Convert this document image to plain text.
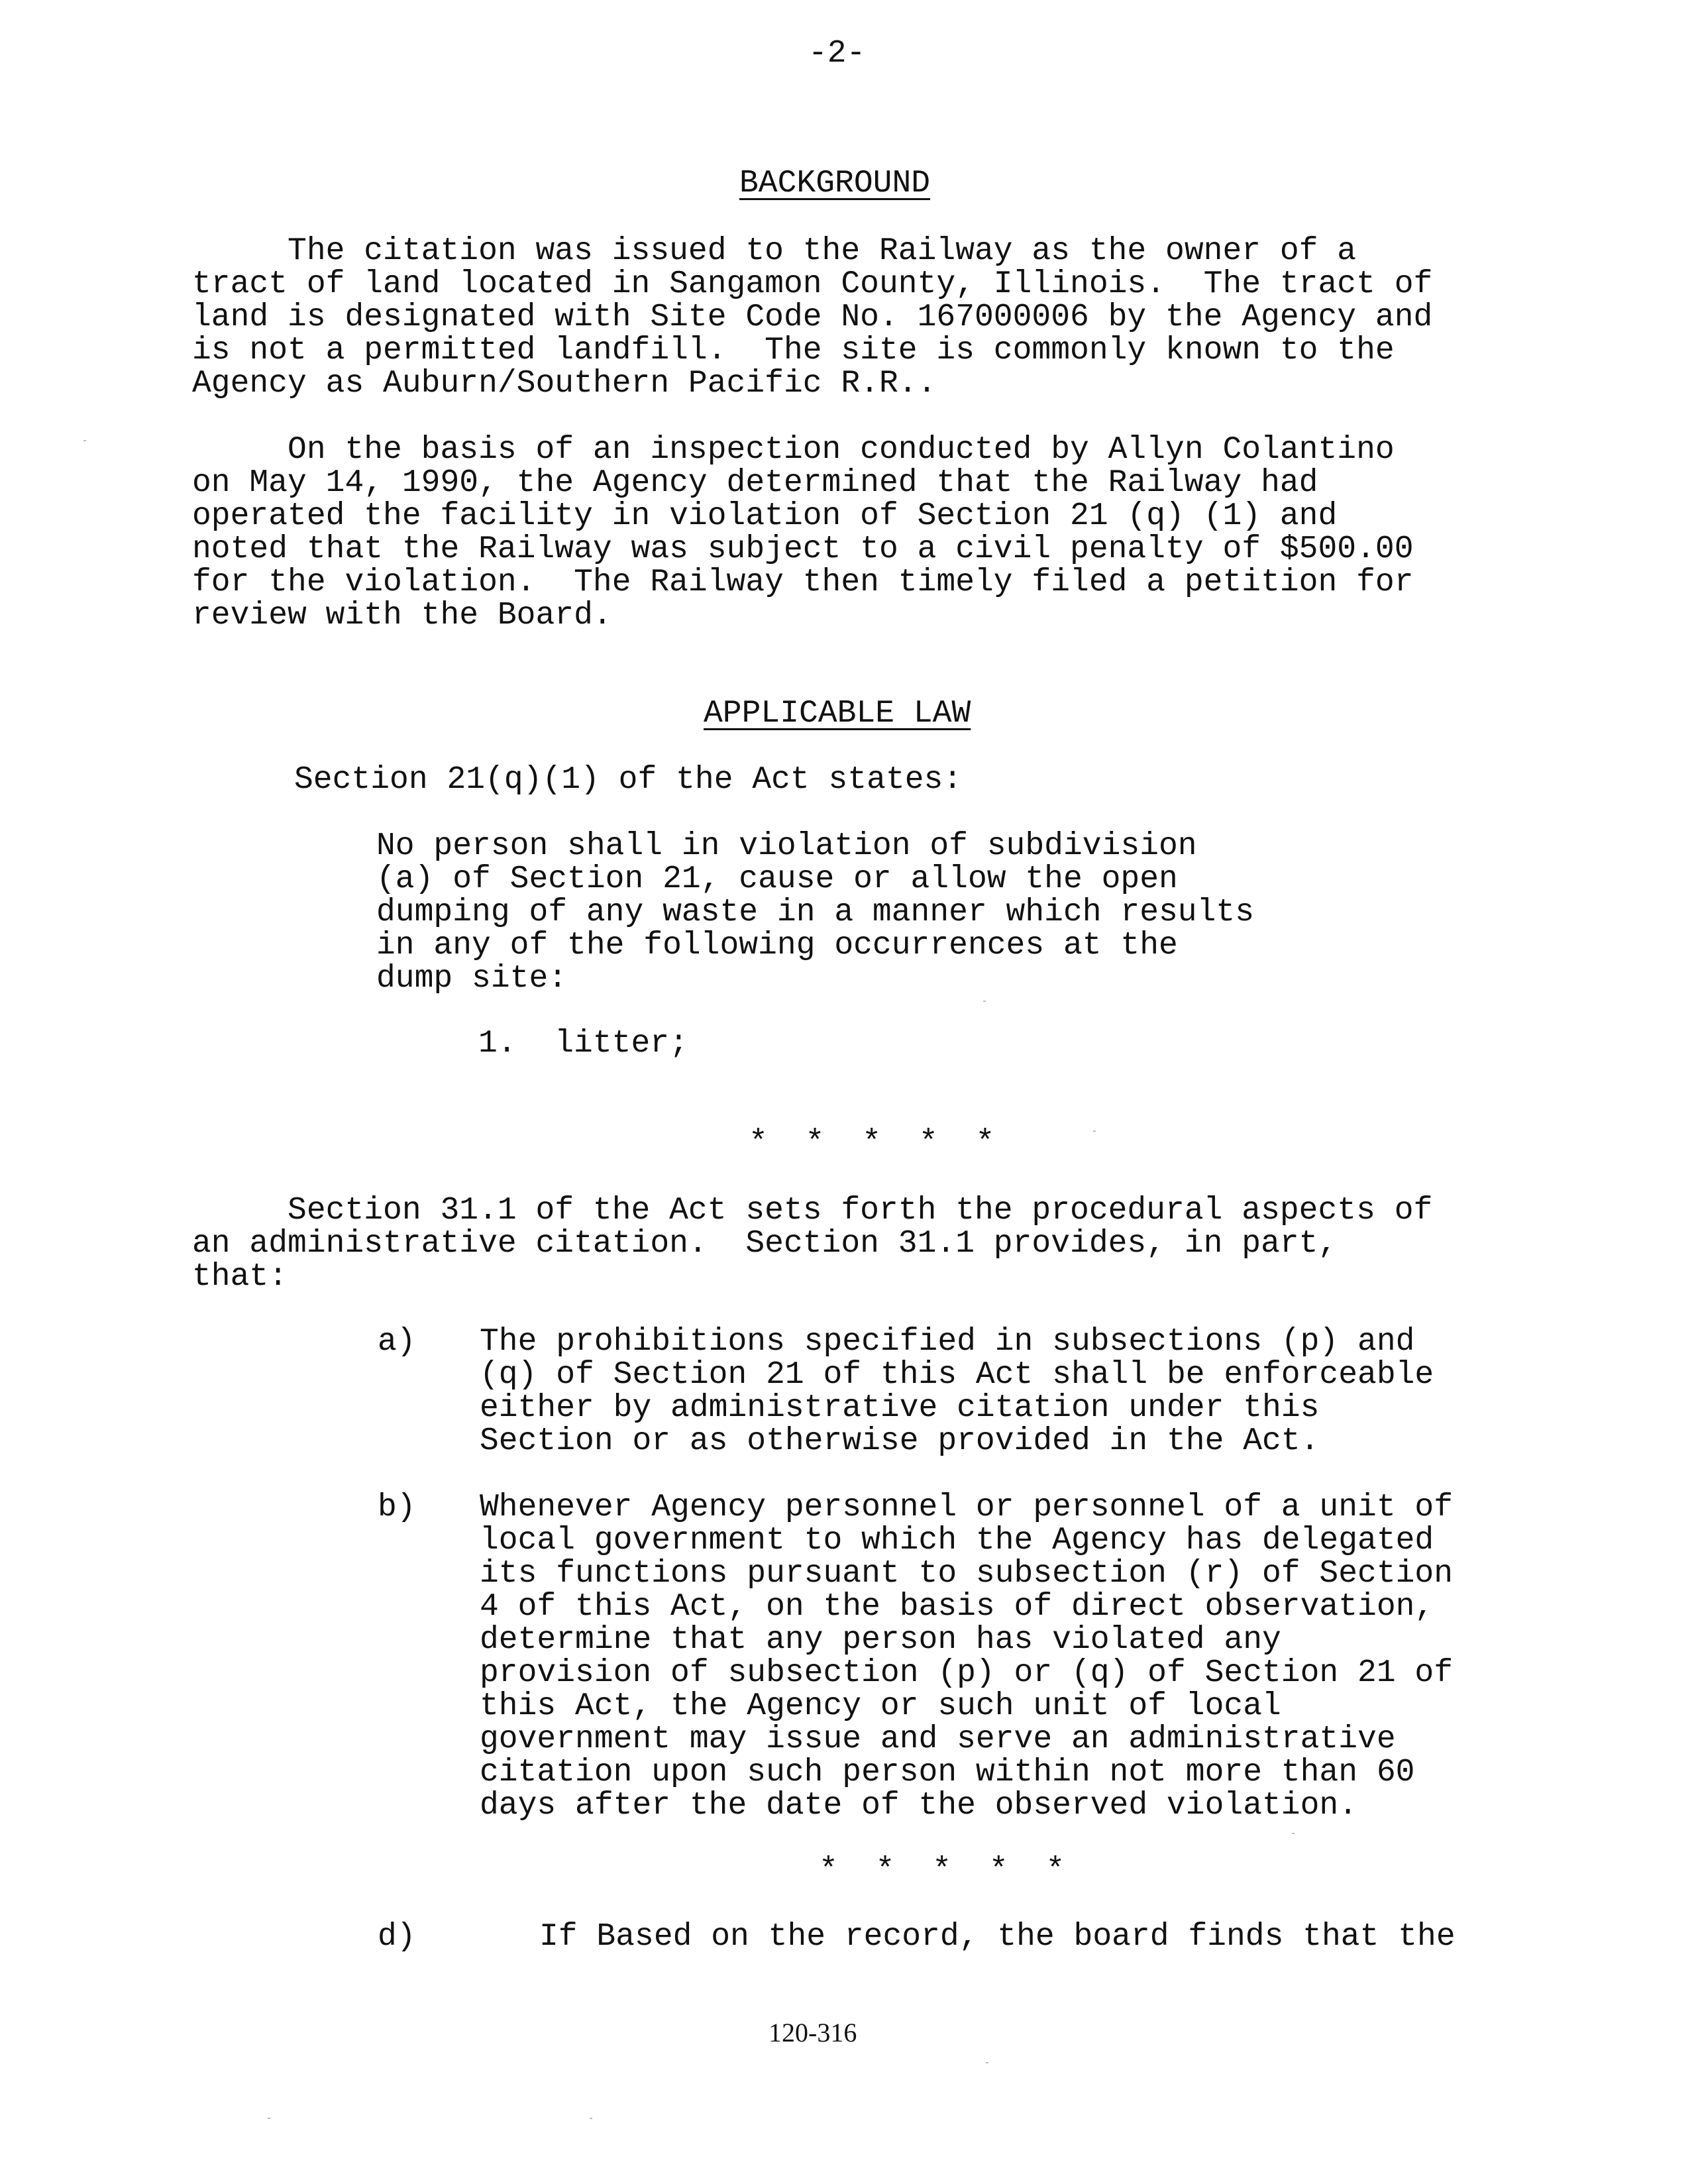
-2-
BACKGROUND

The citation was issued to the Railway as the owner of a
tract of land located in Sangamon County, Illinois.  The tract of
land is designated with Site Code No. 167000006 by the Agency and
is not a permitted landfill.  The site is commonly known to the
Agency as Auburn/Southern Pacific R.R..

On the basis of an inspection conducted by Allyn Colantino
on May 14, 1990, the Agency determined that the Railway had
operated the facility in violation of Section 21 (q) (1) and
noted that the Railway was subject to a civil penalty of $500.00
for the violation.  The Railway then timely filed a petition for
review with the Board.

APPLICABLE LAW

Section 21(q)(1) of the Act states:

No person shall in violation of subdivision
(a) of Section 21, cause or allow the open
dumping of any waste in a manner which results
in any of the following occurrences at the
dump site:

1.  litter;

* * * * *

Section 31.1 of the Act sets forth the procedural aspects of
an administrative citation.  Section 31.1 provides, in part,
that:

a) The prohibitions specified in subsections (p) and
(q) of Section 21 of this Act shall be enforceable
either by administrative citation under this
Section or as otherwise provided in the Act.

b) Whenever Agency personnel or personnel of a unit of
local government to which the Agency has delegated
its functions pursuant to subsection (r) of Section
4 of this Act, on the basis of direct observation,
determine that any person has violated any
provision of subsection (p) or (q) of Section 21 of
this Act, the Agency or such unit of local
government may issue and serve an administrative
citation upon such person within not more than 60
days after the date of the observed violation.

* * * * *
d)	If Based on the record, the board finds that the

120-316
